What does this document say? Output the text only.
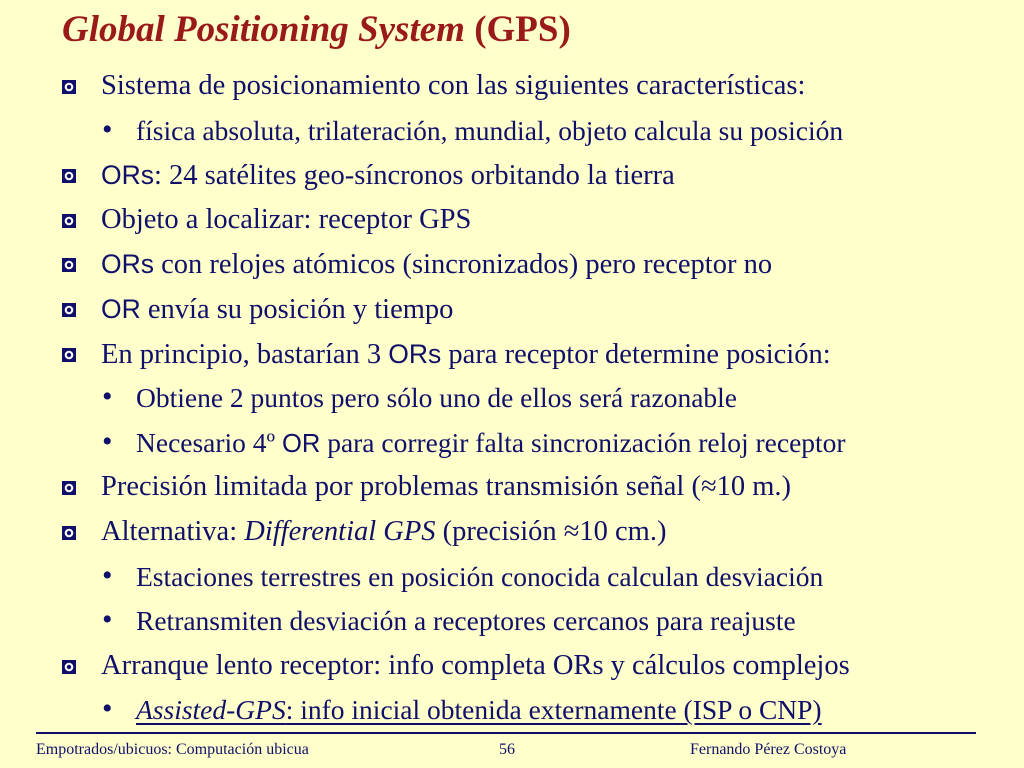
Global Positioning System (GPS)
Sistema de posicionamiento con las siguientes características:
• física absoluta, trilateración, mundial, objeto calcula su posición
ORs: 24 satélites geo-síncronos orbitando la tierra
Objeto a localizar: receptor GPS
ORs con relojes atómicos (sincronizados) pero receptor no
OR envía su posición y tiempo
En principio, bastarían 3 ORs para receptor determine posición:
• Obtiene 2 puntos pero sólo uno de ellos será razonable
• Necesario 4º OR para corregir falta sincronización reloj receptor
Precisión limitada por problemas transmisión señal (≈10 m.)
Alternativa: Differential GPS (precisión ≈10 cm.)
• Estaciones terrestres en posición conocida calculan desviación
• Retransmiten desviación a receptores cercanos para reajuste
Arranque lento receptor: info completa ORs y cálculos complejos
• Assisted-GPS: info inicial obtenida externamente (ISP o CNP)
Empotrados/ubicuos: Computación ubicua	56	Fernando Pérez Costoya
